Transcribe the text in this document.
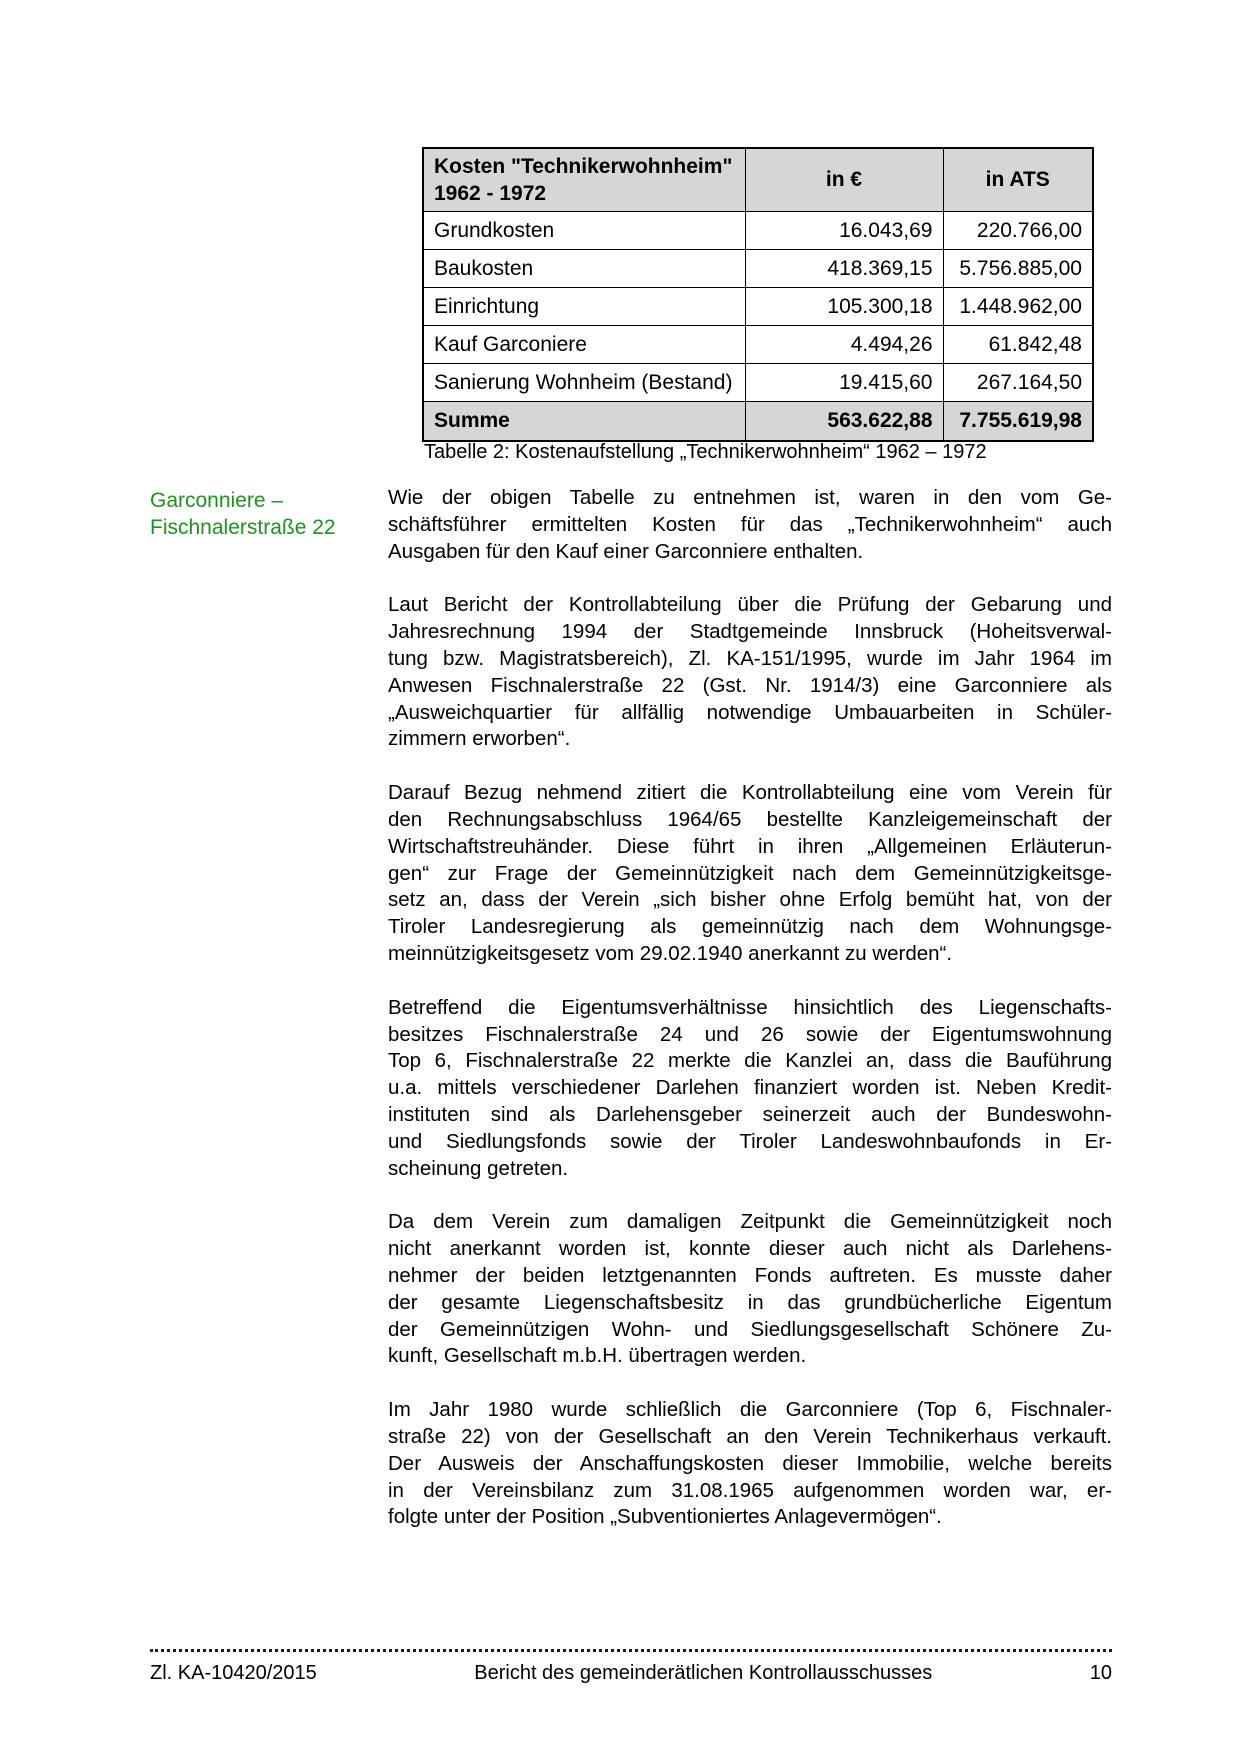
Kosten "Technikerwohnheim"
1962 - 1972	in €	in ATS
Grundkosten	16.043,69	220.766,00
Baukosten	418.369,15	5.756.885,00
Einrichtung	105.300,18	1.448.962,00
Kauf Garconiere	4.494,26	61.842,48
Sanierung Wohnheim (Bestand)	19.415,60	267.164,50
Summe	563.622,88	7.755.619,98
Tabelle 2: Kostenaufstellung „Technikerwohnheim“ 1962 – 1972
Garconniere –
Fischnalerstraße 22
Wie der obigen Tabelle zu entnehmen ist, waren in den vom Ge-
schäftsführer ermittelten Kosten für das „Technikerwohnheim“ auch
Ausgaben für den Kauf einer Garconniere enthalten.
Laut Bericht der Kontrollabteilung über die Prüfung der Gebarung und
Jahresrechnung 1994 der Stadtgemeinde Innsbruck (Hoheitsverwal-
tung bzw. Magistratsbereich), Zl. KA-151/1995, wurde im Jahr 1964 im
Anwesen Fischnalerstraße 22 (Gst. Nr. 1914/3) eine Garconniere als
„Ausweichquartier für allfällig notwendige Umbauarbeiten in Schüler-
zimmern erworben“.
Darauf Bezug nehmend zitiert die Kontrollabteilung eine vom Verein für
den Rechnungsabschluss 1964/65 bestellte Kanzleigemeinschaft der
Wirtschaftstreuhänder. Diese führt in ihren „Allgemeinen Erläuterun-
gen“ zur Frage der Gemeinnützigkeit nach dem Gemeinnützigkeitsge-
setz an, dass der Verein „sich bisher ohne Erfolg bemüht hat, von der
Tiroler Landesregierung als gemeinnützig nach dem Wohnungsge-
meinnützigkeitsgesetz vom 29.02.1940 anerkannt zu werden“.
Betreffend die Eigentumsverhältnisse hinsichtlich des Liegenschafts-
besitzes Fischnalerstraße 24 und 26 sowie der Eigentumswohnung
Top 6, Fischnalerstraße 22 merkte die Kanzlei an, dass die Bauführung
u.a. mittels verschiedener Darlehen finanziert worden ist. Neben Kredit-
instituten sind als Darlehensgeber seinerzeit auch der Bundeswohn-
und Siedlungsfonds sowie der Tiroler Landeswohnbaufonds in Er-
scheinung getreten.
Da dem Verein zum damaligen Zeitpunkt die Gemeinnützigkeit noch
nicht anerkannt worden ist, konnte dieser auch nicht als Darlehens-
nehmer der beiden letztgenannten Fonds auftreten. Es musste daher
der gesamte Liegenschaftsbesitz in das grundbücherliche Eigentum
der Gemeinnützigen Wohn- und Siedlungsgesellschaft Schönere Zu-
kunft, Gesellschaft m.b.H. übertragen werden.
Im Jahr 1980 wurde schließlich die Garconniere (Top 6, Fischnaler-
straße 22) von der Gesellschaft an den Verein Technikerhaus verkauft.
Der Ausweis der Anschaffungskosten dieser Immobilie, welche bereits
in der Vereinsbilanz zum 31.08.1965 aufgenommen worden war, er-
folgte unter der Position „Subventioniertes Anlagevermögen“.
Zl. KA-10420/2015	Bericht des gemeinderätlichen Kontrollausschusses	10
